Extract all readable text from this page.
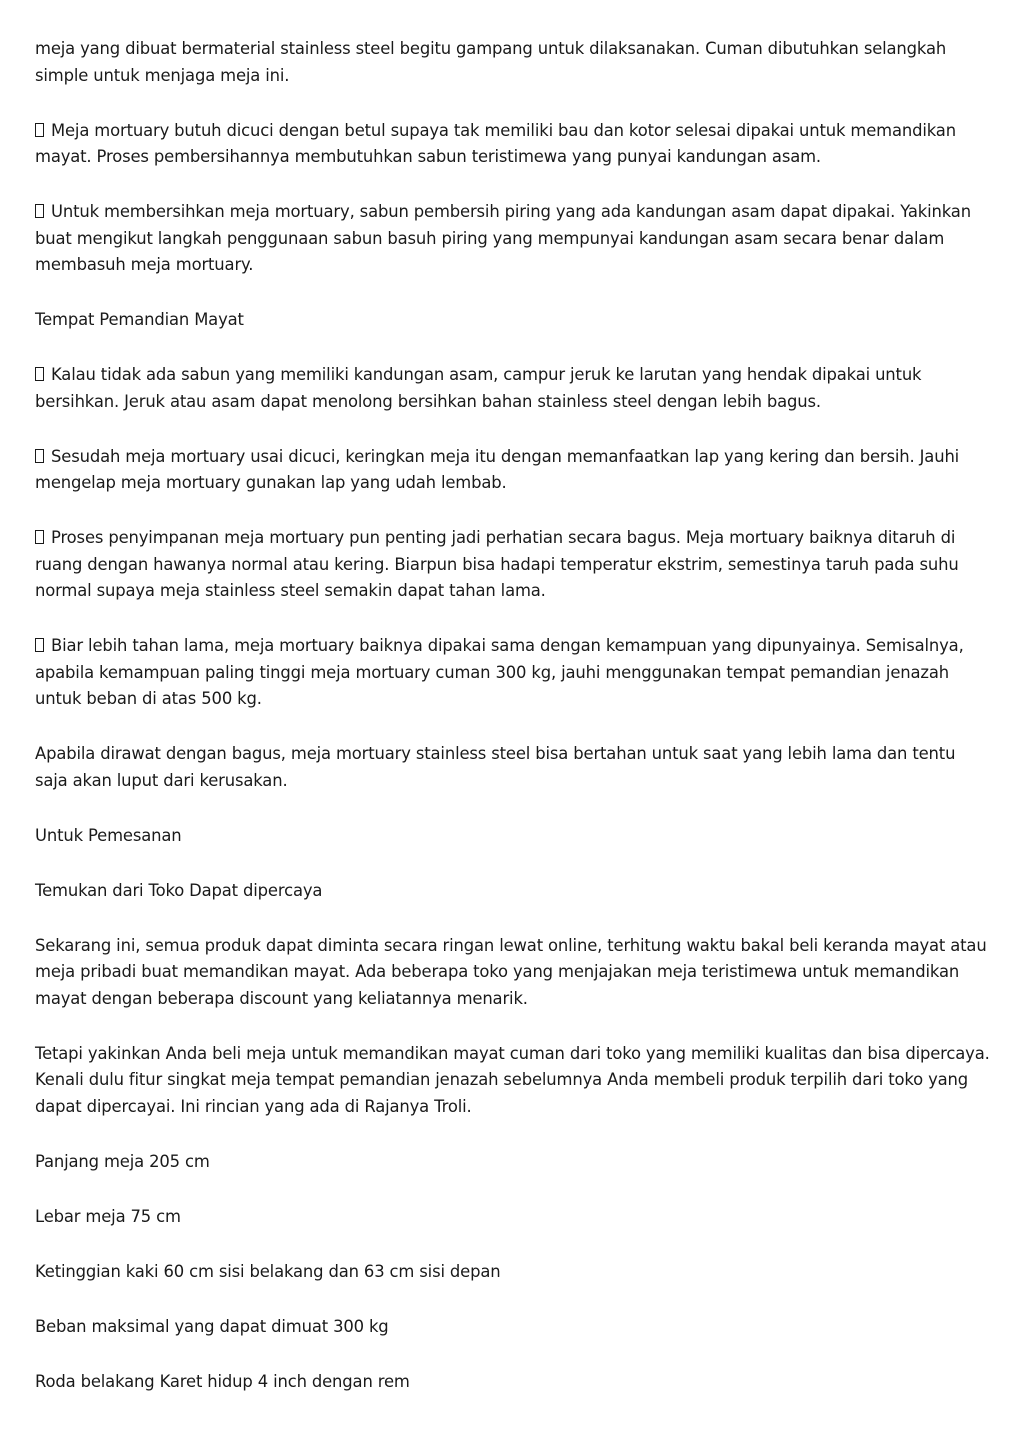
meja yang dibuat bermaterial stainless steel begitu gampang untuk dilaksanakan. Cuman dibutuhkan selangkah simple untuk menjaga meja ini.

Meja mortuary butuh dicuci dengan betul supaya tak memiliki bau dan kotor selesai dipakai untuk memandikan mayat. Proses pembersihannya membutuhkan sabun teristimewa yang punyai kandungan asam.

Untuk membersihkan meja mortuary, sabun pembersih piring yang ada kandungan asam dapat dipakai. Yakinkan buat mengikut langkah penggunaan sabun basuh piring yang mempunyai kandungan asam secara benar dalam membasuh meja mortuary.

Tempat Pemandian Mayat

Kalau tidak ada sabun yang memiliki kandungan asam, campur jeruk ke larutan yang hendak dipakai untuk bersihkan. Jeruk atau asam dapat menolong bersihkan bahan stainless steel dengan lebih bagus.

Sesudah meja mortuary usai dicuci, keringkan meja itu dengan memanfaatkan lap yang kering dan bersih. Jauhi mengelap meja mortuary gunakan lap yang udah lembab.

Proses penyimpanan meja mortuary pun penting jadi perhatian secara bagus. Meja mortuary baiknya ditaruh di ruang dengan hawanya normal atau kering. Biarpun bisa hadapi temperatur ekstrim, semestinya taruh pada suhu normal supaya meja stainless steel semakin dapat tahan lama.

Biar lebih tahan lama, meja mortuary baiknya dipakai sama dengan kemampuan yang dipunyainya. Semisalnya, apabila kemampuan paling tinggi meja mortuary cuman 300 kg, jauhi menggunakan tempat pemandian jenazah untuk beban di atas 500 kg.

Apabila dirawat dengan bagus, meja mortuary stainless steel bisa bertahan untuk saat yang lebih lama dan tentu saja akan luput dari kerusakan.

Untuk Pemesanan

Temukan dari Toko Dapat dipercaya

Sekarang ini, semua produk dapat diminta secara ringan lewat online, terhitung waktu bakal beli keranda mayat atau meja pribadi buat memandikan mayat. Ada beberapa toko yang menjajakan meja teristimewa untuk memandikan mayat dengan beberapa discount yang keliatannya menarik.

Tetapi yakinkan Anda beli meja untuk memandikan mayat cuman dari toko yang memiliki kualitas dan bisa dipercaya. Kenali dulu fitur singkat meja tempat pemandian jenazah sebelumnya Anda membeli produk terpilih dari toko yang dapat dipercayai. Ini rincian yang ada di Rajanya Troli.

Panjang meja 205 cm

Lebar meja 75 cm

Ketinggian kaki 60 cm sisi belakang dan 63 cm sisi depan

Beban maksimal yang dapat dimuat 300 kg

Roda belakang Karet hidup 4 inch dengan rem
